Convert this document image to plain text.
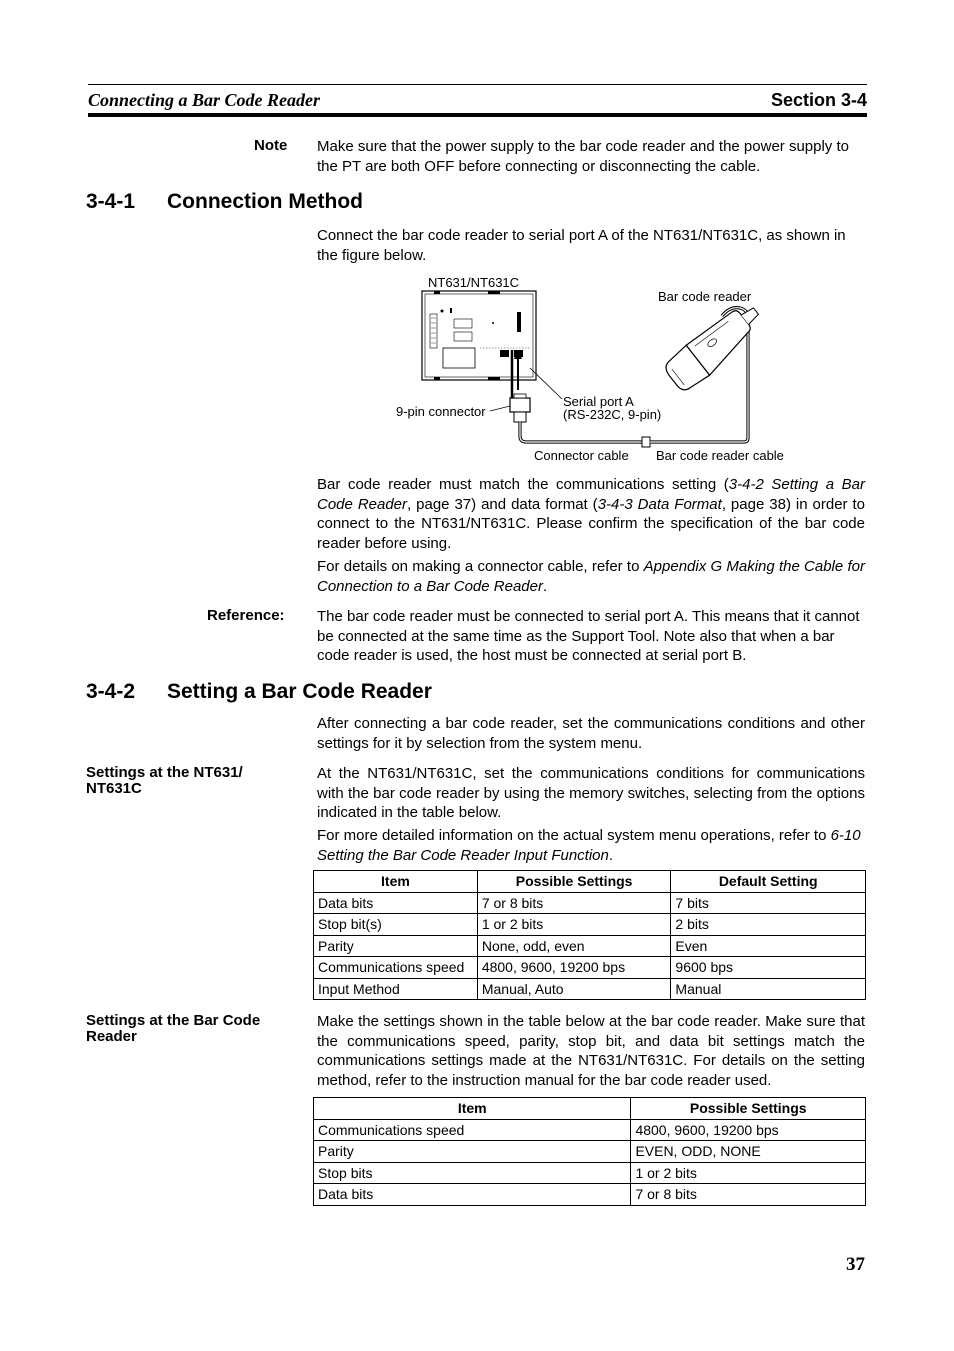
Connecting a Bar Code Reader	Section 3-4
Note Make sure that the power supply to the bar code reader and the power supply to the PT are both OFF before connecting or disconnecting the cable.
3-4-1 Connection Method
Connect the bar code reader to serial port A of the NT631/NT631C, as shown in the figure below.
NT631/NT631C
Bar code reader
9-pin connector
Serial port A
(RS-232C, 9-pin)
Connector cable Bar code reader cable
Bar code reader must match the communications setting (3-4-2 Setting a Bar Code Reader, page 37) and data format (3-4-3 Data Format, page 38) in order to connect to the NT631/NT631C. Please confirm the specification of the bar code reader before using.
For details on making a connector cable, refer to Appendix G Making the Cable for Connection to a Bar Code Reader.
Reference: The bar code reader must be connected to serial port A. This means that it cannot be connected at the same time as the Support Tool. Note also that when a bar code reader is used, the host must be connected at serial port B.
3-4-2 Setting a Bar Code Reader
After connecting a bar code reader, set the communications conditions and other settings for it by selection from the system menu.
Settings at the NT631/ NT631C
At the NT631/NT631C, set the communications conditions for communications with the bar code reader by using the memory switches, selecting from the options indicated in the table below.
For more detailed information on the actual system menu operations, refer to 6-10 Setting the Bar Code Reader Input Function.
Item	Possible Settings	Default Setting
Data bits	7 or 8 bits	7 bits
Stop bit(s)	1 or 2 bits	2 bits
Parity	None, odd, even	Even
Communications speed	4800, 9600, 19200 bps	9600 bps
Input Method	Manual, Auto	Manual
Settings at the Bar Code Reader
Make the settings shown in the table below at the bar code reader. Make sure that the communications speed, parity, stop bit, and data bit settings match the communications settings made at the NT631/NT631C. For details on the setting method, refer to the instruction manual for the bar code reader used.
Item	Possible Settings
Communications speed	4800, 9600, 19200 bps
Parity	EVEN, ODD, NONE
Stop bits	1 or 2 bits
Data bits	7 or 8 bits
37
